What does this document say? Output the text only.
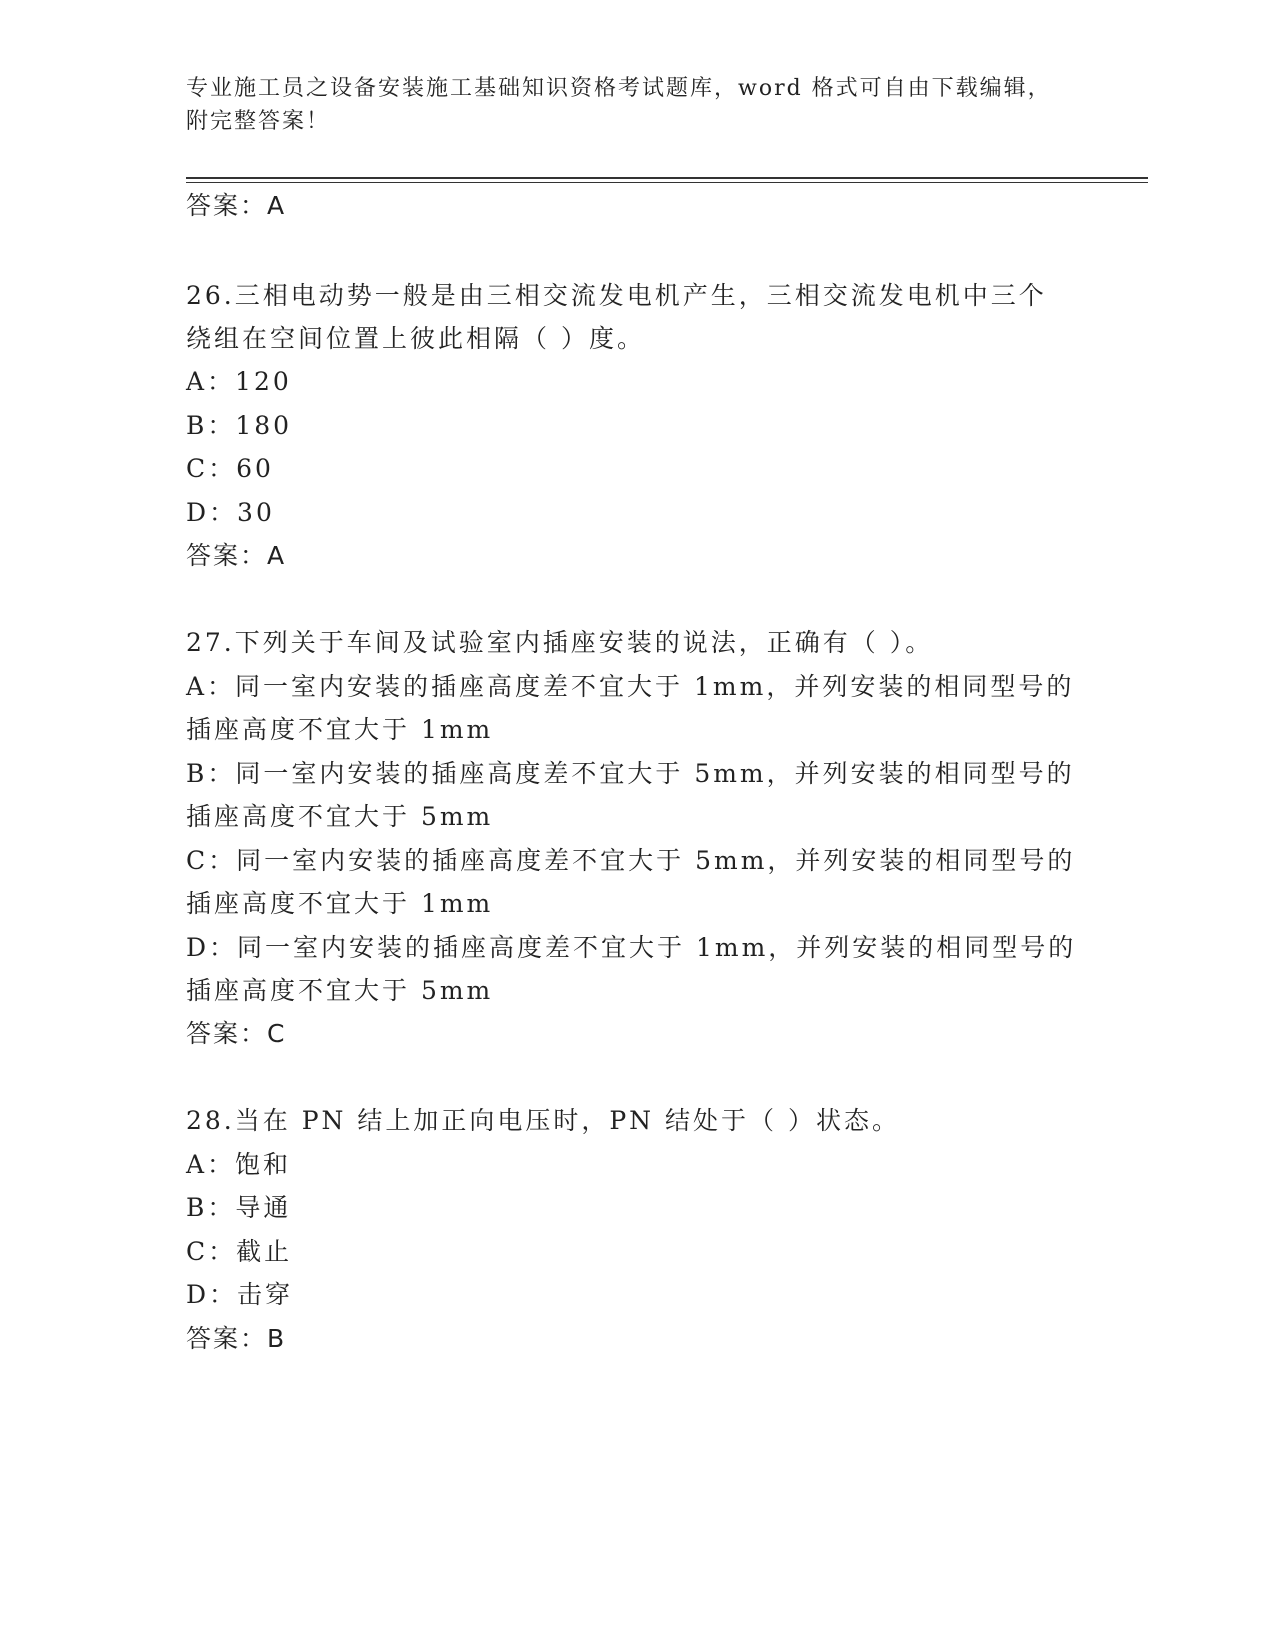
专业施工员之设备安装施工基础知识资格考试题库，word 格式可自由下载编辑，
附完整答案！
答案：A
26.三相电动势一般是由三相交流发电机产生，三相交流发电机中三个
绕组在空间位置上彼此相隔（ ）度。
A：120
B：180
C：60
D：30
答案：A
27.下列关于车间及试验室内插座安装的说法，正确有（ ）。
A：同一室内安装的插座高度差不宜大于 1mm，并列安装的相同型号的
插座高度不宜大于 1mm
B：同一室内安装的插座高度差不宜大于 5mm，并列安装的相同型号的
插座高度不宜大于 5mm
C：同一室内安装的插座高度差不宜大于 5mm，并列安装的相同型号的
插座高度不宜大于 1mm
D：同一室内安装的插座高度差不宜大于 1mm，并列安装的相同型号的
插座高度不宜大于 5mm
答案：C
28.当在 PN 结上加正向电压时，PN 结处于（ ）状态。
A：饱和
B：导通
C：截止
D：击穿
答案：B
